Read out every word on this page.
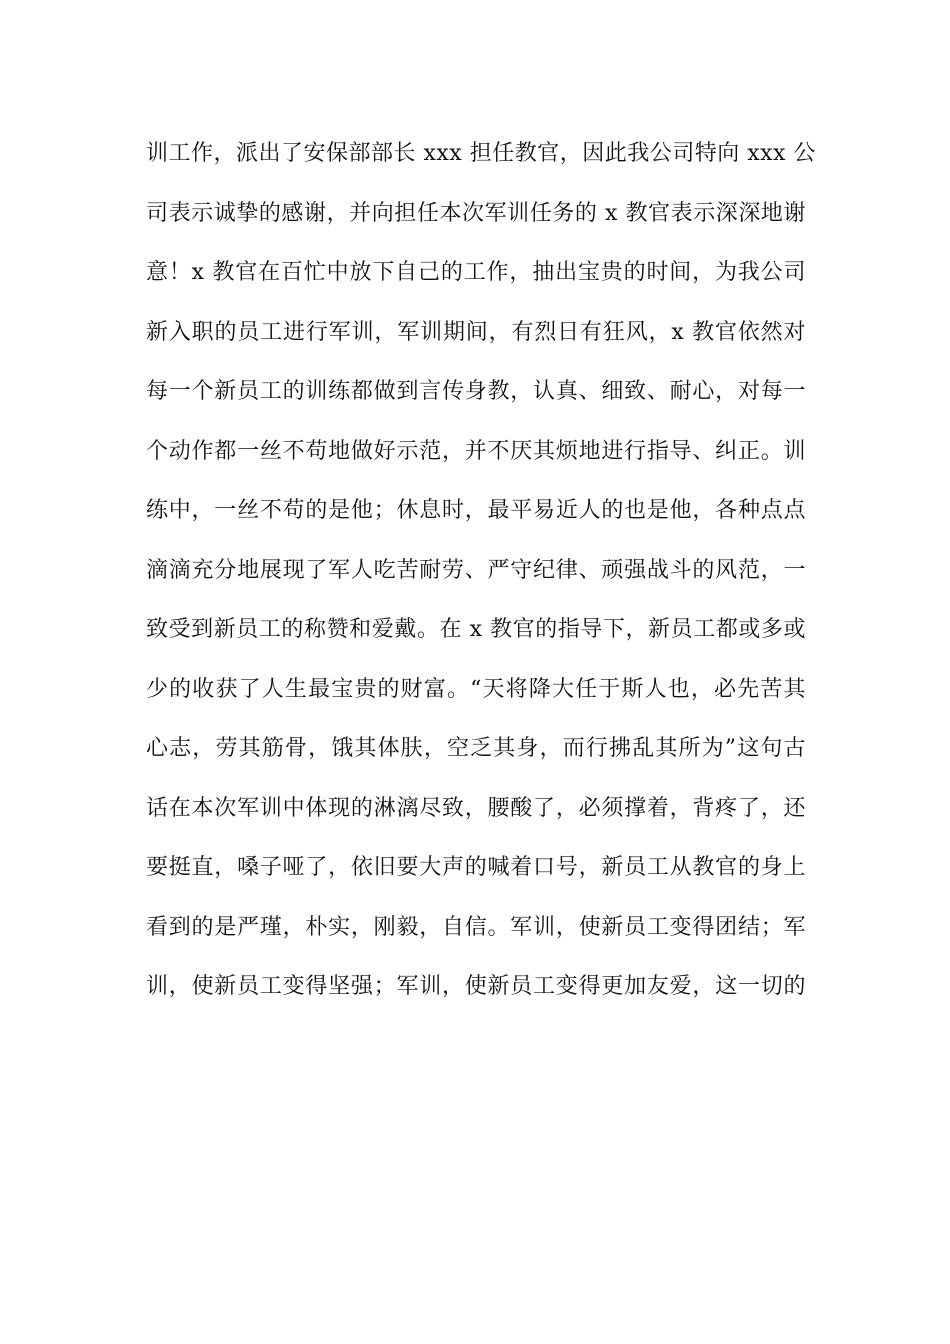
训工作，派出了安保部部长 xxx 担任教官，因此我公司特向 xxx 公
司表示诚挚的感谢，并向担任本次军训任务的 x 教官表示深深地谢
意！x 教官在百忙中放下自己的工作，抽出宝贵的时间，为我公司
新入职的员工进行军训，军训期间，有烈日有狂风，x 教官依然对
每一个新员工的训练都做到言传身教，认真、细致、耐心，对每一
个动作都一丝不苟地做好示范，并不厌其烦地进行指导、纠正。训
练中，一丝不苟的是他；休息时，最平易近人的也是他，各种点点
滴滴充分地展现了军人吃苦耐劳、严守纪律、顽强战斗的风范，一
致受到新员工的称赞和爱戴。在 x 教官的指导下，新员工都或多或
少的收获了人生最宝贵的财富。“天将降大任于斯人也，必先苦其
心志，劳其筋骨，饿其体肤，空乏其身，而行拂乱其所为”这句古
话在本次军训中体现的淋漓尽致，腰酸了，必须撑着，背疼了，还
要挺直，嗓子哑了，依旧要大声的喊着口号，新员工从教官的身上
看到的是严瑾，朴实，刚毅，自信。军训，使新员工变得团结；军
训，使新员工变得坚强；军训，使新员工变得更加友爱，这一切的
